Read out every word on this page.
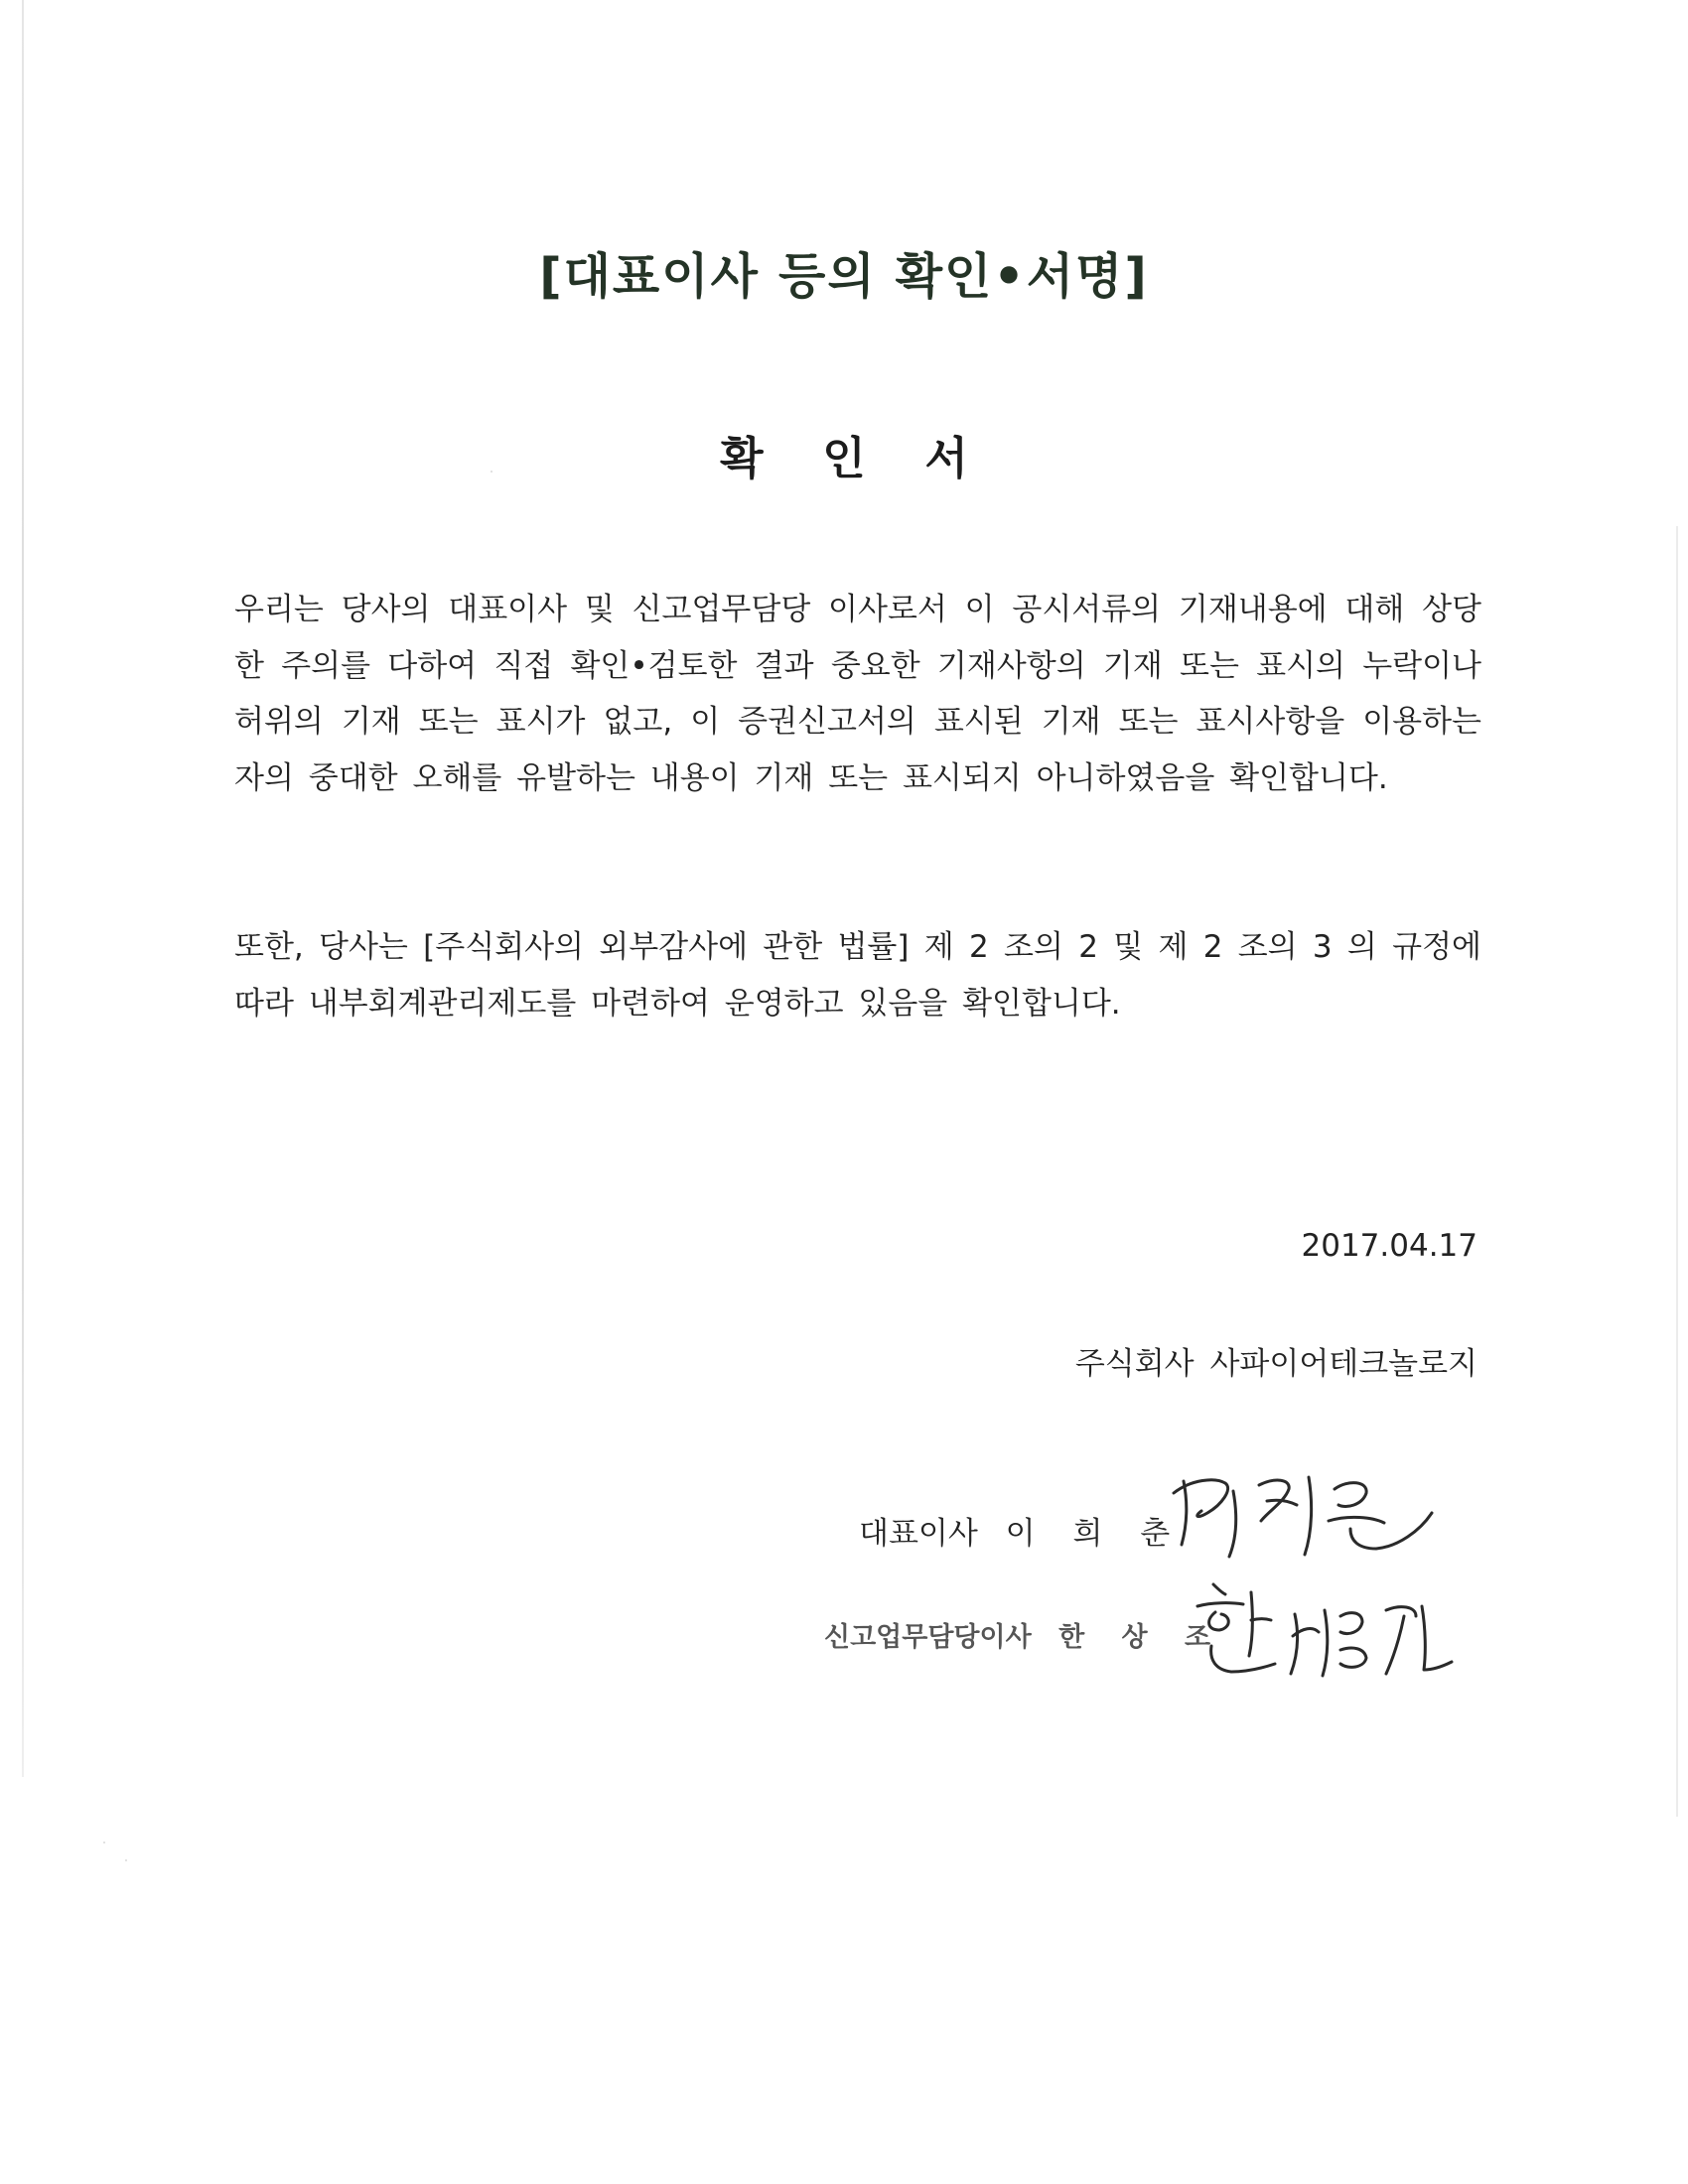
[대표이사 등의 확인•서명]
확 인 서

우리는 당사의 대표이사 및 신고업무담당 이사로서 이 공시서류의 기재내용에 대해 상당한 주의를 다하여 직접 확인•검토한 결과 중요한 기재사항의 기재 또는 표시의 누락이나 허위의 기재 또는 표시가 없고, 이 증권신고서의 표시된 기재 또는 표시사항을 이용하는 자의 중대한 오해를 유발하는 내용이 기재 또는 표시되지 아니하였음을 확인합니다.

또한, 당사는 [주식회사의 외부감사에 관한 법률] 제 2 조의 2 및 제 2 조의 3 의 규정에 따라 내부회계관리제도를 마련하여 운영하고 있음을 확인합니다.

2017.04.17
주식회사 사파이어테크놀로지
대표이사 이 희 춘
신고업무담당이사 한 상 조
